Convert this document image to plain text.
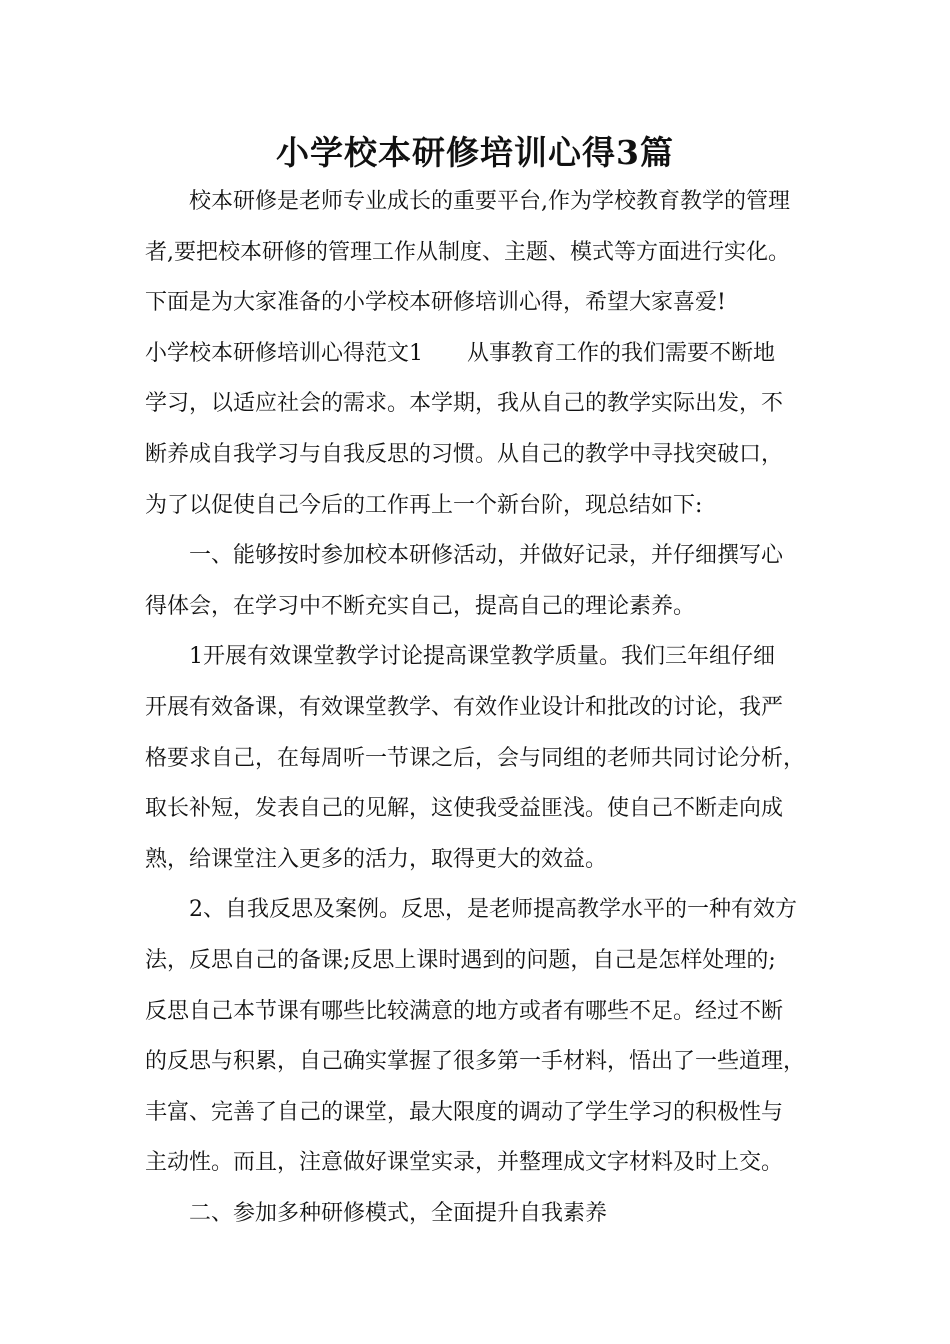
小学校本研修培训心得3篇

　　校本研修是老师专业成长的重要平台,作为学校教育教学的管理

者,要把校本研修的管理工作从制度、主题、模式等方面进行实化。

下面是为大家准备的小学校本研修培训心得，希望大家喜爱!

小学校本研修培训心得范文1　　从事教育工作的我们需要不断地

学习，以适应社会的需求。本学期，我从自己的教学实际出发，不

断养成自我学习与自我反思的习惯。从自己的教学中寻找突破口，

为了以促使自己今后的工作再上一个新台阶，现总结如下:

　　一、能够按时参加校本研修活动，并做好记录，并仔细撰写心

得体会，在学习中不断充实自己，提高自己的理论素养。

　　1开展有效课堂教学讨论提高课堂教学质量。我们三年组仔细

开展有效备课，有效课堂教学、有效作业设计和批改的讨论，我严

格要求自己，在每周听一节课之后，会与同组的老师共同讨论分析，

取长补短，发表自己的见解，这使我受益匪浅。使自己不断走向成

熟，给课堂注入更多的活力，取得更大的效益。

　　2、自我反思及案例。反思，是老师提高教学水平的一种有效方

法，反思自己的备课;反思上课时遇到的问题，自己是怎样处理的;

反思自己本节课有哪些比较满意的地方或者有哪些不足。经过不断

的反思与积累，自己确实掌握了很多第一手材料，悟出了一些道理，

丰富、完善了自己的课堂，最大限度的调动了学生学习的积极性与

主动性。而且，注意做好课堂实录，并整理成文字材料及时上交。

　　二、参加多种研修模式，全面提升自我素养
